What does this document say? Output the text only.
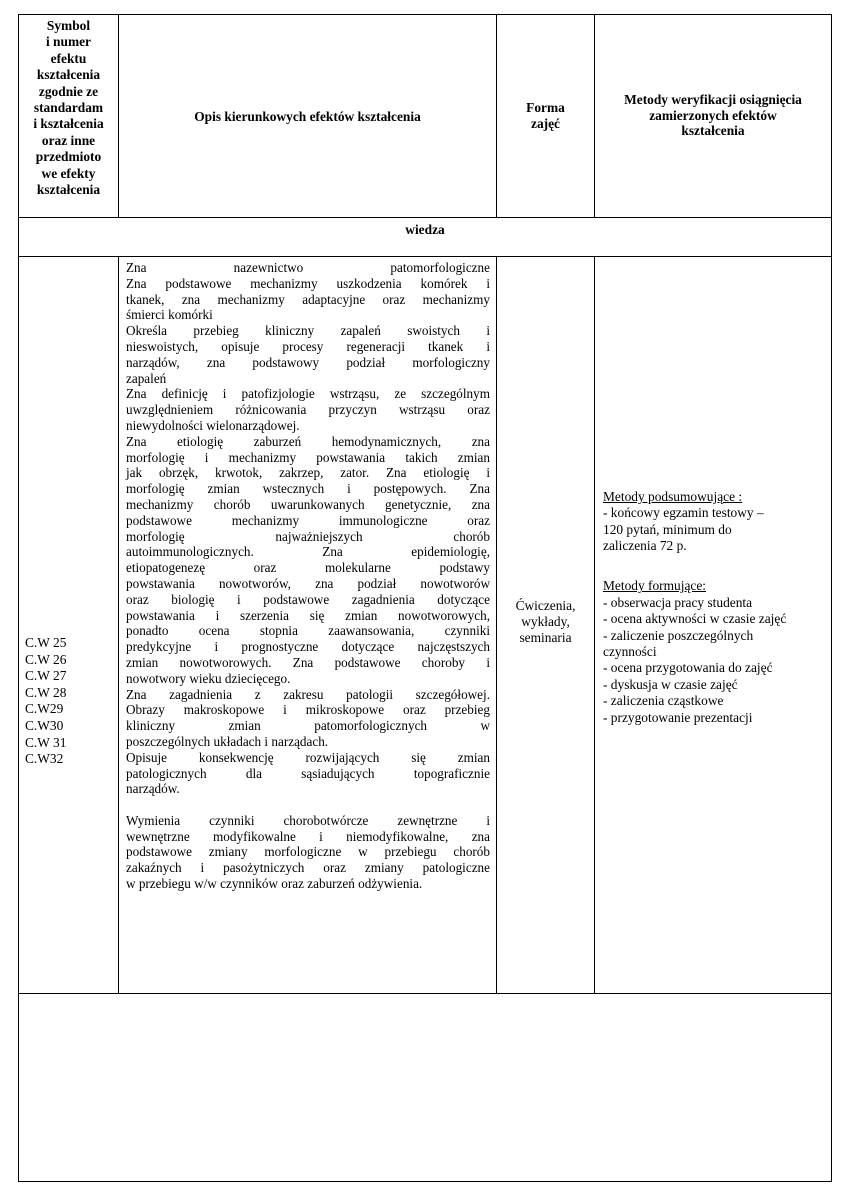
Symbol

i numer

efektu

kształcenia

zgodnie ze

standardam

i kształcenia

oraz inne

przedmioto

we efekty

kształcenia

Opis kierunkowych efektów kształcenia

Forma

zajęć

Metody weryfikacji osiągnięcia

zamierzonych efektów

kształcenia

wiedza

C.W 25

C.W 26

C.W 27

C.W 28

C.W29

C.W30

C.W 31

C.W32

Zna nazewnictwo patomorfologiczne

Zna podstawowe mechanizmy uszkodzenia komórek i

tkanek, zna mechanizmy adaptacyjne oraz mechanizmy

śmierci komórki

Określa przebieg kliniczny zapaleń swoistych i

nieswoistych, opisuje procesy regeneracji tkanek i

narządów, zna podstawowy podział morfologiczny

zapaleń

Zna definicję i patofizjologie wstrząsu, ze szczególnym

uwzględnieniem różnicowania przyczyn wstrząsu oraz

niewydolności wielonarządowej.

Zna etiologię zaburzeń hemodynamicznych, zna

morfologię i mechanizmy powstawania takich zmian

jak obrzęk, krwotok, zakrzep, zator. Zna etiologię i

morfologię zmian wstecznych i postępowych. Zna

mechanizmy chorób uwarunkowanych genetycznie, zna

podstawowe mechanizmy immunologiczne oraz

morfologię najważniejszych chorób

autoimmunologicznych. Zna epidemiologię,

etiopatogenezę oraz molekularne podstawy

powstawania nowotworów, zna podział nowotworów

oraz biologię i podstawowe zagadnienia dotyczące

powstawania i szerzenia się zmian nowotworowych,

ponadto ocena stopnia zaawansowania, czynniki

predykcyjne i prognostyczne dotyczące najczęstszych

zmian nowotworowych. Zna podstawowe choroby i

nowotwory wieku dziecięcego.

Zna zagadnienia z zakresu patologii szczegółowej.

Obrazy makroskopowe i mikroskopowe oraz przebieg

kliniczny zmian patomorfologicznych w

poszczególnych układach i narządach.

Opisuje konsekwencję rozwijających się zmian

patologicznych dla sąsiadujących topograficznie

narządów.

Wymienia czynniki chorobotwórcze zewnętrzne i

wewnętrzne modyfikowalne i niemodyfikowalne, zna

podstawowe zmiany morfologiczne w przebiegu chorób

zakaźnych i pasożytniczych oraz zmiany patologiczne

w przebiegu w/w czynników oraz zaburzeń odżywienia.

Ćwiczenia,

wykłady,

seminaria

Metody podsumowujące :

- końcowy egzamin testowy –

120 pytań, minimum do

zaliczenia 72 p.

Metody formujące:

- obserwacja pracy studenta

- ocena aktywności w czasie zajęć

- zaliczenie poszczególnych

czynności

- ocena przygotowania do zajęć

- dyskusja w czasie zajęć

- zaliczenia cząstkowe

- przygotowanie prezentacji
